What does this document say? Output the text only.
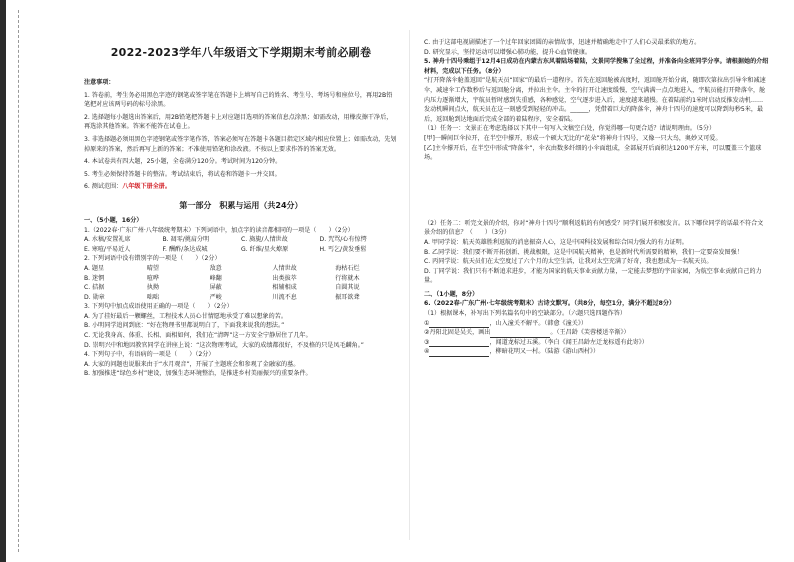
2022-2023学年八年级语文下学期期末考前必刷卷

注意事项：

1. 答卷前，考生务必用黑色字迹的钢笔或签字笔在答题卡上填写自己的姓名、考生号、考场号和座位号，再用2B铅笔把对应该两号码的标号涂黑。

2. 选择题每小题选出答案后，用2B铅笔把答题卡上对应题目选项的答案信息点涂黑；如需改动，用橡皮擦干净后，再选涂其他答案。答案不能答在试卷上。

3. 非选择题必须用黑色字迹钢笔或签字笔作答，答案必须写在答题卡各题目指定区域内相应位置上；如需改动，先划掉原来的答案，然后再写上新的答案；不准使用铅笔和涂改液。不按以上要求作答的答案无效。

4. 本试卷共有四大题，25小题，全卷满分120分。考试时间为120分钟。

5. 考生必须保持答题卡的整洁。考试结束后，将试卷和答题卡一并交回。

6. 测试范围：八年级下册全册。

第一部分　积累与运用（共24分）

一、（5小题，16分）

1.（2022春·广东广州·八年级统考期末）下列词语中，加点字的读音都相同的一项是（　　）（2分）

A. 水稿/安置礼席	B. 凋零/挑肩分明	C. 旖旎/人情世故	D. 咒骂/心有惊愕
E. 寒喧/平易近人	F. 酬酢/条达成城	G. 纤维/星火燎原	H. 丐乞/黄发垂髫

2. 下列词语中没有错别字的一项是（　　）（2分）

A. 题星	晴望	敌意	人情世故	海枯石烂
B. 迷惘	喧哗	峰翻	出类拔萃	行将就木
C. 拮据	执拗	屏蔽	相辅相成	自圆其说
D. 勋章	咄咄	严峻	川流不息	振耳欲聋

3. 下列句中加点成语使用正确的一项是（　　）（2分）

A. 为了挂好最后一颗螺丝，工程技术人员心甘情愿地承受了难以想象的苦。

B. 小明同学追问到底：“好在物理书里都说明白了，下面我来说我的想法。”

C. 无论我身高、体重、长相、面相如何，我们在“清晖”这一方安全宁静居住了几年。

D. 崇明兴中和地因教官同学在讲座上说：“这次物理考试，大家的成绩都很好，不及格的只是凤毛麟角。”

4. 下列句子中，有语病的一项是（　　）（2分）

A. 大家的问题也说服来由于“水月观音”，开展了主题班会和参观了金融家的墓。

B. 加强推进“绿色乡村”建设，加强生态环境整治，是推进乡村美丽振兴的重要条件。

C. 由于这部电视剧描述了一个过年回家团圆的亲情故事，迅速并精确地走中了人们心灵最柔软的地方。

D. 研究显示，坚持运动可以增强心肺功能，提升心血管健康。

5. 神舟十四号乘组于12月4日成功在内蒙古东风着陆场着陆，文景同学搜集了全过程，并准备向全班同学分享。请根据她的介绍材料，完成以下任务。（8分）

“打开降落伞舱盖返回”是航天员“回家”的最后一道程序。首先在返回舱被高度时，返回舱开始分离，随即次第拉出引导伞和减速伞，减速伞工作数秒后与返回舱分离，并拉出主伞。主伞的打开让速度缓慢，空气满满一点点地进入，宇航员能打开降落伞，舱内压力逐渐增大，宇航员暂时感到失重感，各种感觉，空气逐步进入后，速度越来越慢。在着陆前约1米时启动反推发动机……发动机瞬间点火，航天员在这一刻感受到轻轻的冲击。______，凭借着巨大的降落伞，神舟十四号的速度可以降到每秒5米，最后，返回舱到达地面后完成全部的着陆程序，安全着陆。

（1）任务一：文景正在考虑选择以下其中一句写入文稿空白处，你觉得哪一句更合适？请说明理由。（5分）

[甲]一瞬间巨伞拉开，在半空中撑开，形成一个硕大无比的“花朵”将神舟十四号，又像一只大鸟，奥妙又可爱。

[乙]主伞撑开后，在半空中形成“降落伞”，伞衣由数多纤细的小伞面组成，全部展开后面积达1200平方米，可以覆盖三个篮球场。

（2）任务二：听完文景的介绍，你对“神舟十四号”顺利返航的有何感受？同学们展开积极发言。以下哪位同学的话最不符合文景介绍的信息？（　　）（3分）

A. 甲同学说：航天英雄胜利返航的消息振奋人心，这是中国科技发展和综合国力强大的有力证明。

B. 乙同学说：我们要不断开拓创新、挑战极限，这是中国航天精神，也是新时代所需要的精神，我们一定要奋发图强！

C. 丙同学说：航天员们在太空度过了六个月的太空生活，让我对太空充满了好奇，我也想成为一名航天员。

D. 丁同学说：我们只有不断追求进步，才能为国家的航天事业贡献力量，一定能去梦想的宇宙家园，为航空事业贡献自己的力量。

二、（1小题，8分）

6.（2022春·广东广州·七年级统考期末）古诗文默写。（共8分，每空1分，满分不超过8分）

（1）根据课本，补写出下列名篇名句中的空缺部分。（六题只选四题作答）

①	，山入潼关不解平。（韩愈《潼关》）

②丹阳北固是吴关，画出	。（王昌龄《芙蓉楼送辛渐》）

③	，闻道龙标过五溪。（李白《闻王昌龄左迁龙标遥有此寄》）

④	，柳暗花明又一村。（陆游《游山西村》）
